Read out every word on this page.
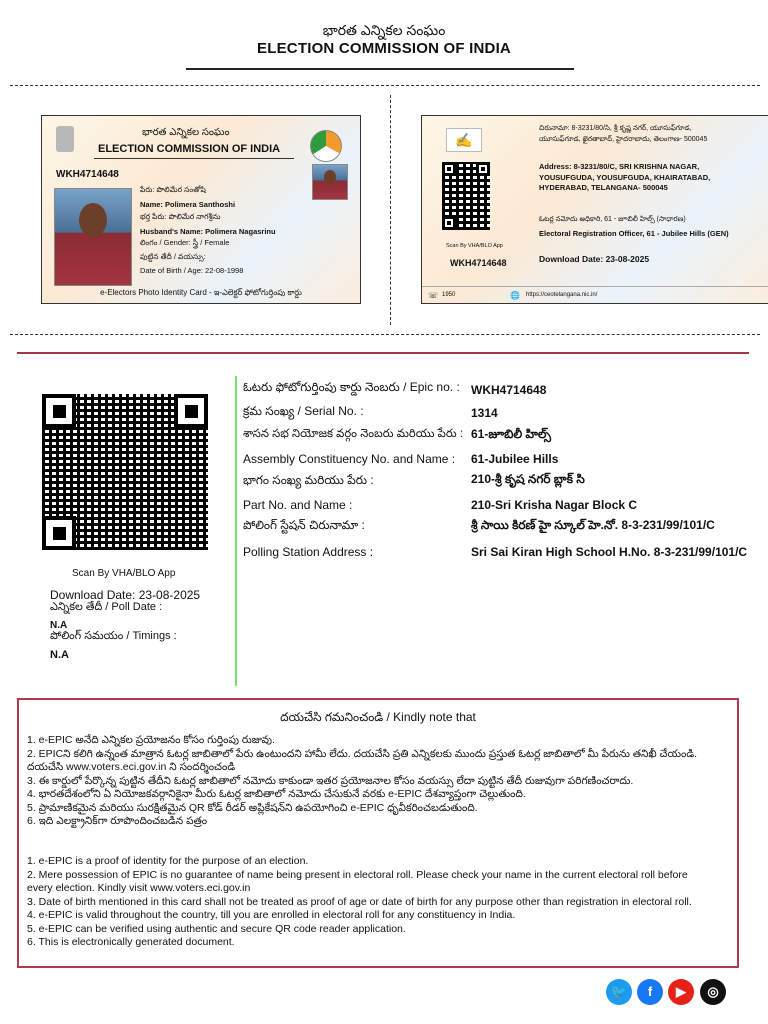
భారత ఎన్నికల సంఘం
ELECTION COMMISSION OF INDIA
భారత ఎన్నికల సంఘం
ELECTION COMMISSION OF INDIA
WKH4714648
పేరు: పొలిమేర సంతోషి
Name: Polimera Santhoshi
భర్త పేరు: పొలిమేర నాగశ్రీను
Husband's Name: Polimera Nagasrinu
లింగం / Gender: స్త్రీ / Female
పుట్టిన తేదీ / వయస్సు:
Date of Birth / Age: 22-08-1998
e-Electors Photo Identity Card - ఇ-ఎలెక్టర్ ఫోటోగుర్తింపు కార్డు
✍
Scan By VHA/BLO App
WKH4714648
చిరునామా: 8-3231/80/సి, శ్రీ కృష్ణ నగర్, యూసుఫ్‌గూడ, యూసుఫ్‌గూడ, ఖైరతాబాద్, హైదరాబాదు, తెలంగాణ- 500045
Address: 8-3231/80/C, SRI KRISHNA NAGAR, YOUSUFGUDA, YOUSUFGUDA, KHAIRATABAD, HYDERABAD, TELANGANA- 500045
ఓటర్ల నమోదు అధికారి, 61 - జూబిలీ హిల్స్ (సాధారణ)
Electoral Registration Officer, 61 - Jubilee Hills (GEN)
Download Date: 23-08-2025
☏ 1950	🌐 https://ceotelangana.nic.in/
Scan By VHA/BLO App
Download Date: 23-08-2025
ఎన్నికల తేదీ / Poll Date :
N.A
పోలింగ్ సమయం / Timings :
N.A
ఓటరు ఫోటోగుర్తింపు కార్డు నెంబరు / Epic no. : WKH4714648
క్రమ సంఖ్య / Serial No. :	1314
శాసన సభ నియోజక వర్గం నెంబరు మరియు పేరు : 61-జూబిలీ హిల్స్
Assembly Constituency No. and Name : 61-Jubilee Hills
భాగం సంఖ్య మరియు పేరు :	210-శ్రీ కృష నగర్ బ్లాక్ సి
Part No. and Name :	210-Sri Krisha Nagar Block C
పోలింగ్ స్టేషన్ చిరునామా :	శ్రీ సాయి కిరణ్ హై స్కూల్ హె.నో. 8-3-231/99/101/C
Polling Station Address :	Sri Sai Kiran High School H.No. 8-3-231/99/101/C
దయచేసి గమనించండి / Kindly note that
1. e-EPIC అనేది ఎన్నికల ప్రయోజనం కోసం గుర్తింపు రుజువు.
2. EPICని కలిగి ఉన్నంత మాత్రాన ఓటర్ల జాబితాలో పేరు ఉంటుందని హామీ లేదు. దయచేసి ప్రతి ఎన్నికలకు ముందు ప్రస్తుత ఓటర్ల జాబితాలో మీ పేరును తనిఖీ చేయండి.
దయచేసి www.voters.eci.gov.in ని సందర్శించండి
3. ఈ కార్డులో పేర్కొన్న పుట్టిన తేదీని ఓటర్ల జాబితాలో నమోదు కాకుండా ఇతర ప్రయోజనాల కోసం వయస్సు లేదా పుట్టిన తేదీ రుజువుగా పరిగణించరాదు.
4. భారతదేశంలోని ఏ నియోజకవర్గానికైనా మీరు ఓటర్ల జాబితాలో నమోదు చేసుకునే వరకు e-EPIC దేశవ్యాప్తంగా చెల్లుతుంది.
5. ప్రామాణికమైన మరియు సురక్షితమైన QR కోడ్ రీడర్ అప్లికేషన్‌ని ఉపయోగించి e-EPIC ధృవీకరించబడుతుంది.
6. ఇది ఎలక్ట్రానిక్‌గా రూపొందించబడిన పత్రం
1. e-EPIC is a proof of identity for the purpose of an election.
2. Mere possession of EPIC is no guarantee of name being present in electoral roll. Please check your name in the current electoral roll before
every election. Kindly visit www.voters.eci.gov.in
3. Date of birth mentioned in this card shall not be treated as proof of age or date of birth for any purpose other than registration in electoral roll.
4. e-EPIC is valid throughout the country, till you are enrolled in electoral roll for any constituency in India.
5. e-EPIC can be verified using authentic and secure QR code reader application.
6. This is electronically generated document.
🐦	f	▶	◎
